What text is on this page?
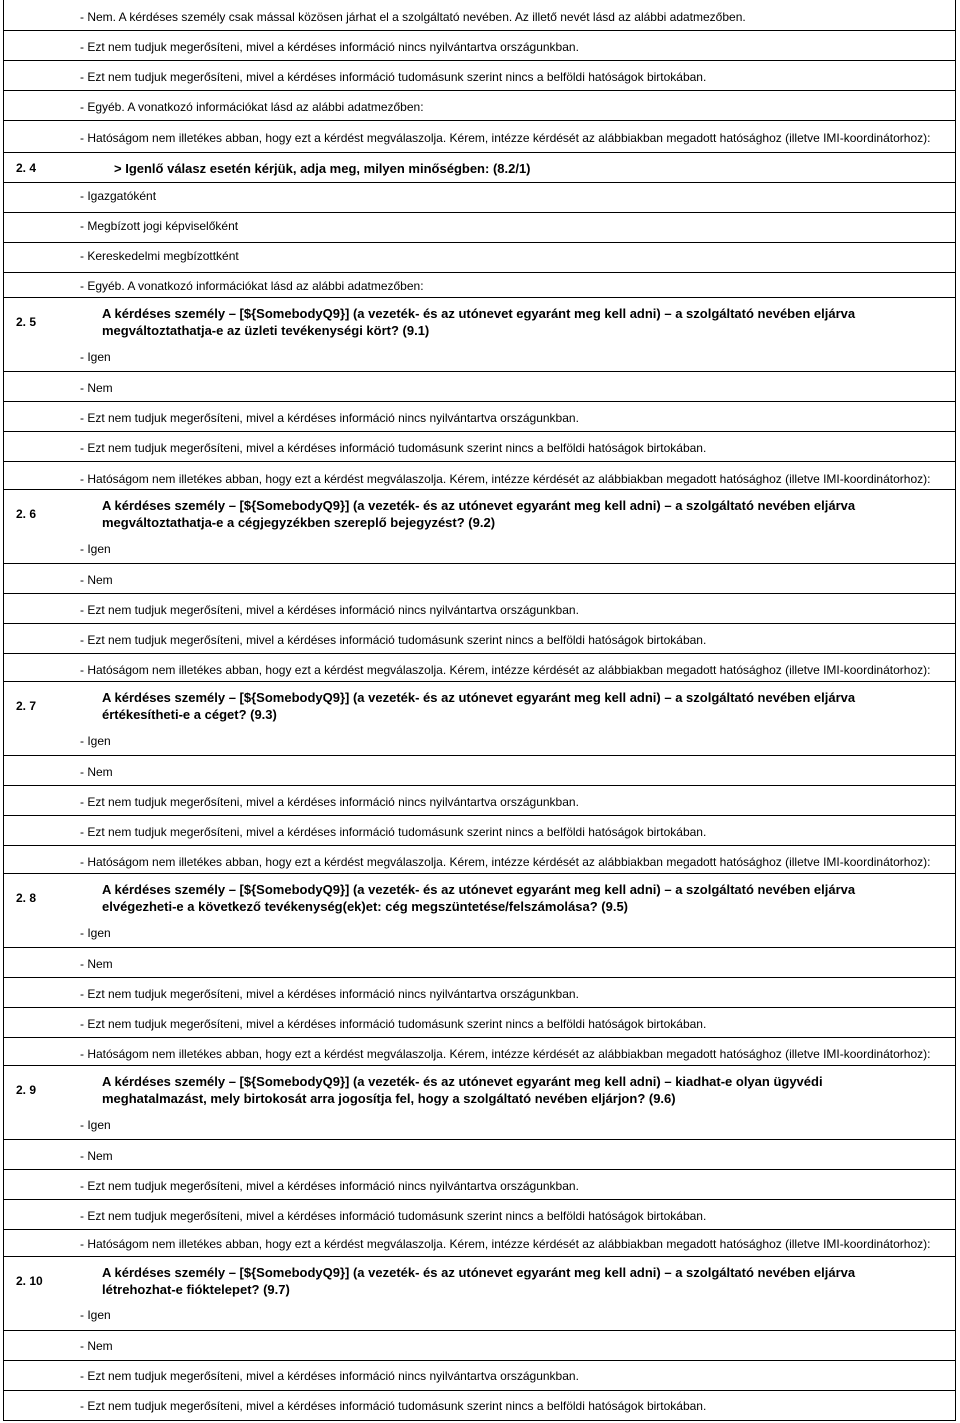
- Nem. A kérdéses személy csak mással közösen járhat el a szolgáltató nevében. Az illető nevét lásd az alábbi adatmezőben.
- Ezt nem tudjuk megerősíteni, mivel a kérdéses információ nincs nyilvántartva országunkban.
- Ezt nem tudjuk megerősíteni, mivel a kérdéses információ tudomásunk szerint nincs a belföldi hatóságok birtokában.
- Egyéb. A vonatkozó információkat lásd az alábbi adatmezőben:
- Hatóságom nem illetékes abban, hogy ezt a kérdést megválaszolja. Kérem, intézze kérdését az alábbiakban megadott hatósághoz (illetve IMI-koordinátorhoz):
2. 4	> Igenlő válasz esetén kérjük, adja meg, milyen minőségben: (8.2/1)
- Igazgatóként
- Megbízott jogi képviselőként
- Kereskedelmi megbízottként
- Egyéb. A vonatkozó információkat lásd az alábbi adatmezőben:
2. 5
A kérdéses személy – [${SomebodyQ9}] (a vezeték- és az utónevet egyaránt meg kell adni) – a szolgáltató nevében eljárva megváltoztathatja-e az üzleti tevékenységi kört? (9.1)
- Igen
- Nem
- Ezt nem tudjuk megerősíteni, mivel a kérdéses információ nincs nyilvántartva országunkban.
- Ezt nem tudjuk megerősíteni, mivel a kérdéses információ tudomásunk szerint nincs a belföldi hatóságok birtokában.
- Hatóságom nem illetékes abban, hogy ezt a kérdést megválaszolja. Kérem, intézze kérdését az alábbiakban megadott hatósághoz (illetve IMI-koordinátorhoz):
2. 6
A kérdéses személy – [${SomebodyQ9}] (a vezeték- és az utónevet egyaránt meg kell adni) – a szolgáltató nevében eljárva megváltoztathatja-e a cégjegyzékben szereplő bejegyzést? (9.2)
- Igen
- Nem
- Ezt nem tudjuk megerősíteni, mivel a kérdéses információ nincs nyilvántartva országunkban.
- Ezt nem tudjuk megerősíteni, mivel a kérdéses információ tudomásunk szerint nincs a belföldi hatóságok birtokában.
- Hatóságom nem illetékes abban, hogy ezt a kérdést megválaszolja. Kérem, intézze kérdését az alábbiakban megadott hatósághoz (illetve IMI-koordinátorhoz):
2. 7
A kérdéses személy – [${SomebodyQ9}] (a vezeték- és az utónevet egyaránt meg kell adni) – a szolgáltató nevében eljárva értékesítheti-e a céget? (9.3)
- Igen
- Nem
- Ezt nem tudjuk megerősíteni, mivel a kérdéses információ nincs nyilvántartva országunkban.
- Ezt nem tudjuk megerősíteni, mivel a kérdéses információ tudomásunk szerint nincs a belföldi hatóságok birtokában.
- Hatóságom nem illetékes abban, hogy ezt a kérdést megválaszolja. Kérem, intézze kérdését az alábbiakban megadott hatósághoz (illetve IMI-koordinátorhoz):
2. 8
A kérdéses személy – [${SomebodyQ9}] (a vezeték- és az utónevet egyaránt meg kell adni) – a szolgáltató nevében eljárva elvégezheti-e a következő tevékenység(ek)et: cég megszüntetése/felszámolása? (9.5)
- Igen
- Nem
- Ezt nem tudjuk megerősíteni, mivel a kérdéses információ nincs nyilvántartva országunkban.
- Ezt nem tudjuk megerősíteni, mivel a kérdéses információ tudomásunk szerint nincs a belföldi hatóságok birtokában.
- Hatóságom nem illetékes abban, hogy ezt a kérdést megválaszolja. Kérem, intézze kérdését az alábbiakban megadott hatósághoz (illetve IMI-koordinátorhoz):
2. 9
A kérdéses személy – [${SomebodyQ9}] (a vezeték- és az utónevet egyaránt meg kell adni) – kiadhat-e olyan ügyvédi meghatalmazást, mely birtokosát arra jogosítja fel, hogy a szolgáltató nevében eljárjon? (9.6)
- Igen
- Nem
- Ezt nem tudjuk megerősíteni, mivel a kérdéses információ nincs nyilvántartva országunkban.
- Ezt nem tudjuk megerősíteni, mivel a kérdéses információ tudomásunk szerint nincs a belföldi hatóságok birtokában.
- Hatóságom nem illetékes abban, hogy ezt a kérdést megválaszolja. Kérem, intézze kérdését az alábbiakban megadott hatósághoz (illetve IMI-koordinátorhoz):
2. 10
A kérdéses személy – [${SomebodyQ9}] (a vezeték- és az utónevet egyaránt meg kell adni) – a szolgáltató nevében eljárva létrehozhat-e fióktelepet? (9.7)
- Igen
- Nem
- Ezt nem tudjuk megerősíteni, mivel a kérdéses információ nincs nyilvántartva országunkban.
- Ezt nem tudjuk megerősíteni, mivel a kérdéses információ tudomásunk szerint nincs a belföldi hatóságok birtokában.
